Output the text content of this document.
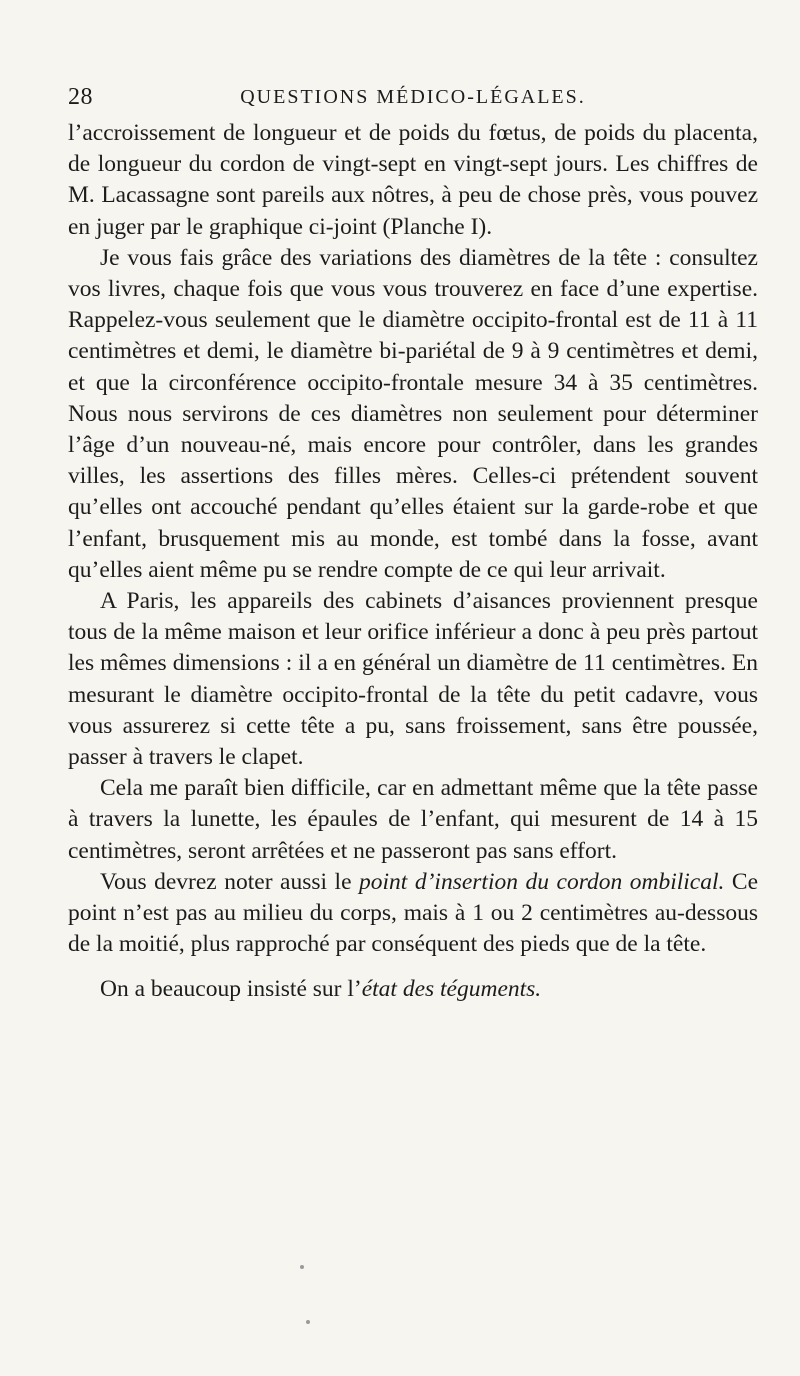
28	QUESTIONS MÉDICO-LÉGALES.

l’accroissement de longueur et de poids du fœtus, de poids du placenta, de longueur du cordon de vingt-sept en vingt-sept jours. Les chiffres de M. Lacassagne sont pareils aux nôtres, à peu de chose près, vous pouvez en juger par le graphique ci-joint (Planche I).

Je vous fais grâce des variations des diamètres de la tête : consultez vos livres, chaque fois que vous vous trouverez en face d’une expertise. Rappelez-vous seulement que le diamètre occipito-frontal est de 11 à 11 centimètres et demi, le diamètre bi-pariétal de 9 à 9 centimètres et demi, et que la circonférence occipito-frontale mesure 34 à 35 centimètres. Nous nous servirons de ces diamètres non seulement pour déterminer l’âge d’un nouveau-né, mais encore pour contrôler, dans les grandes villes, les assertions des filles mères. Celles-ci prétendent souvent qu’elles ont accouché pendant qu’elles étaient sur la garde-robe et que l’enfant, brusquement mis au monde, est tombé dans la fosse, avant qu’elles aient même pu se rendre compte de ce qui leur arrivait.

A Paris, les appareils des cabinets d’aisances proviennent presque tous de la même maison et leur orifice inférieur a donc à peu près partout les mêmes dimensions : il a en général un diamètre de 11 centimètres. En mesurant le diamètre occipito-frontal de la tête du petit cadavre, vous vous assurerez si cette tête a pu, sans froissement, sans être poussée, passer à travers le clapet.

Cela me paraît bien difficile, car en admettant même que la tête passe à travers la lunette, les épaules de l’enfant, qui mesurent de 14 à 15 centimètres, seront arrêtées et ne passeront pas sans effort.

Vous devrez noter aussi le point d’insertion du cordon ombilical. Ce point n’est pas au milieu du corps, mais à 1 ou 2 centimètres au-dessous de la moitié, plus rapproché par conséquent des pieds que de la tête.

On a beaucoup insisté sur l’état des téguments.
